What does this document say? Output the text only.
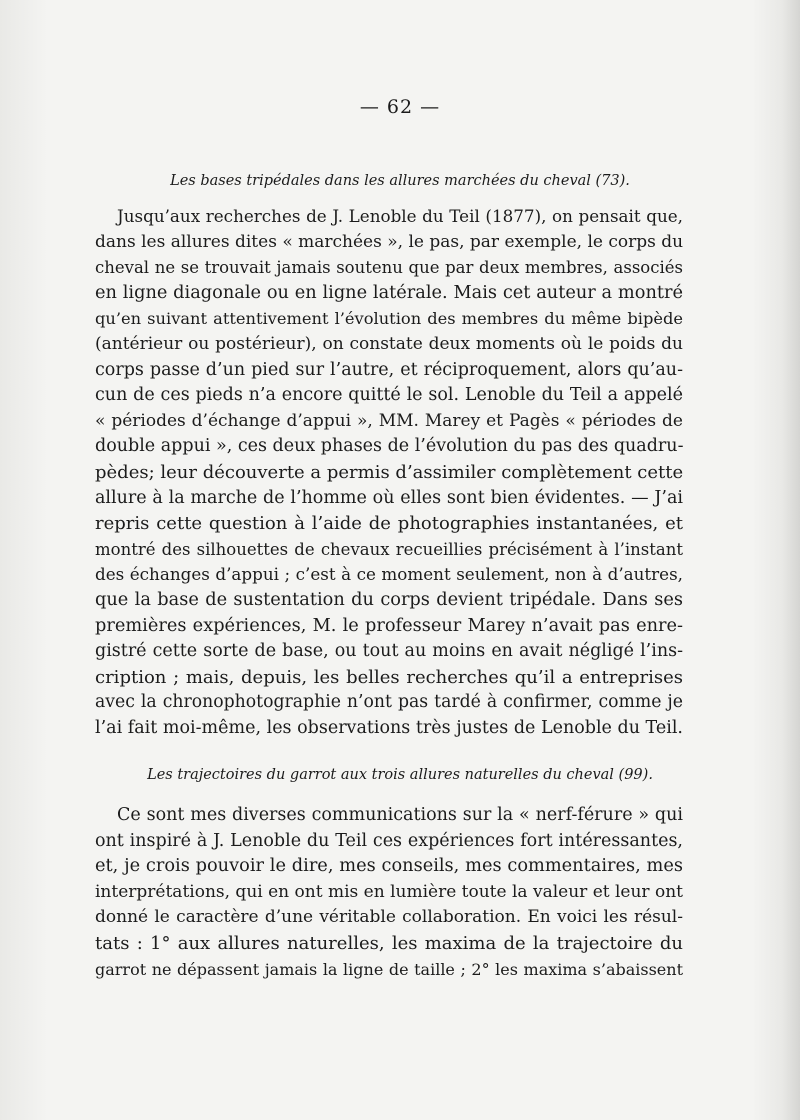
— 62 —
Les bases tripédales dans les allures marchées du cheval (73).
Jusqu’aux recherches de J. Lenoble du Teil (1877), on pensait que,
dans les allures dites « marchées », le pas, par exemple, le corps du
cheval ne se trouvait jamais soutenu que par deux membres, associés
en ligne diagonale ou en ligne latérale. Mais cet auteur a montré
qu’en suivant attentivement l’évolution des membres du même bipède
(antérieur ou postérieur), on constate deux moments où le poids du
corps passe d’un pied sur l’autre, et réciproquement, alors qu’au-
cun de ces pieds n’a encore quitté le sol. Lenoble du Teil a appelé
« périodes d’échange d’appui », MM. Marey et Pagès « périodes de
double appui », ces deux phases de l’évolution du pas des quadru-
pèdes; leur découverte a permis d’assimiler complètement cette
allure à la marche de l’homme où elles sont bien évidentes. — J’ai
repris cette question à l’aide de photographies instantanées, et
montré des silhouettes de chevaux recueillies précisément à l’instant
des échanges d’appui ; c’est à ce moment seulement, non à d’autres,
que la base de sustentation du corps devient tripédale. Dans ses
premières expériences, M. le professeur Marey n’avait pas enre-
gistré cette sorte de base, ou tout au moins en avait négligé l’ins-
cription ; mais, depuis, les belles recherches qu’il a entreprises
avec la chronophotographie n’ont pas tardé à confirmer, comme je
l’ai fait moi-même, les observations très justes de Lenoble du Teil.
Les trajectoires du garrot aux trois allures naturelles du cheval (99).
Ce sont mes diverses communications sur la « nerf-férure » qui
ont inspiré à J. Lenoble du Teil ces expériences fort intéressantes,
et, je crois pouvoir le dire, mes conseils, mes commentaires, mes
interprétations, qui en ont mis en lumière toute la valeur et leur ont
donné le caractère d’une véritable collaboration. En voici les résul-
tats : 1° aux allures naturelles, les maxima de la trajectoire du
garrot ne dépassent jamais la ligne de taille ; 2° les maxima s’abaissent
